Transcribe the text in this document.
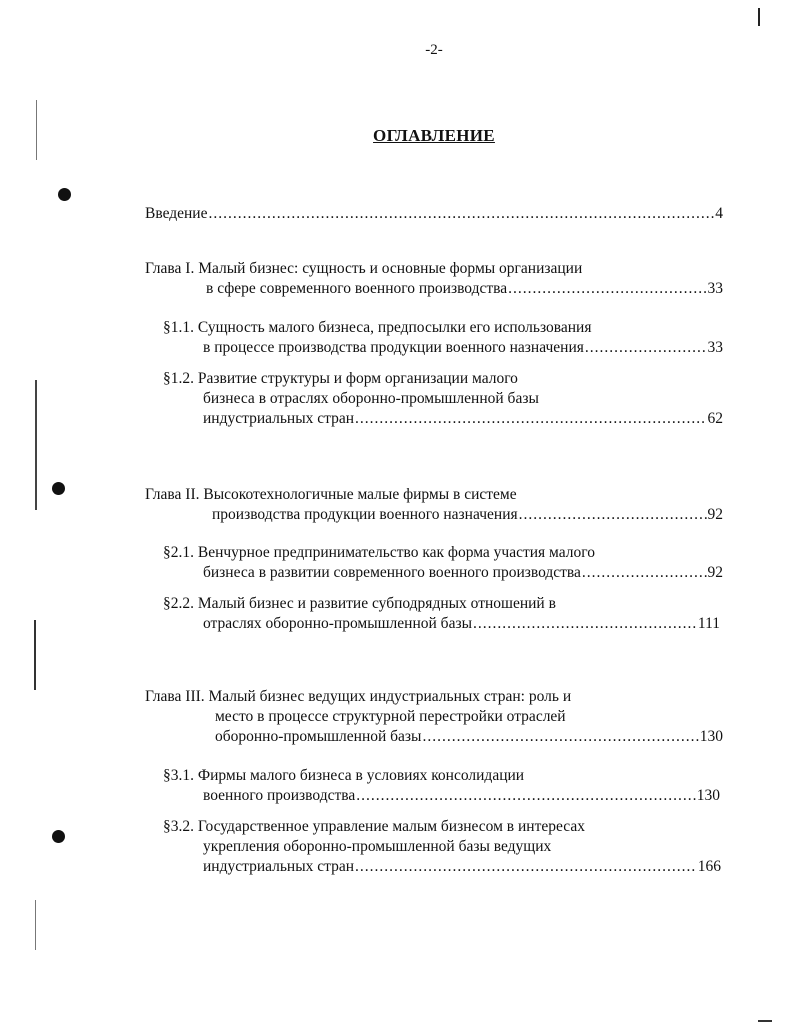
-2-
ОГЛАВЛЕНИЕ
Введение .....	4
Глава I. Малый бизнес: сущность и основные формы организации
в сфере современного военного производства .....	33
§1.1. Сущность малого бизнеса, предпосылки его использования
в процессе производства продукции военного назначения .....	33
§1.2. Развитие структуры и форм организации малого
бизнеса в отраслях оборонно-промышленной базы
индустриальных стран .....	62
Глава II. Высокотехнологичные малые фирмы в системе
производства продукции военного назначения .....	92
§2.1. Венчурное предпринимательство как форма участия малого
бизнеса в развитии современного военного производства .....	92
§2.2. Малый бизнес и развитие субподрядных отношений в
отраслях оборонно-промышленной базы .....	111
Глава III. Малый бизнес ведущих индустриальных стран: роль и
место в процессе структурной перестройки отраслей
оборонно-промышленной базы .....	130
§3.1. Фирмы малого бизнеса в условиях консолидации
военного производства .....	130
§3.2. Государственное управление малым бизнесом в интересах
укрепления оборонно-промышленной базы ведущих
индустриальных стран .....	166
